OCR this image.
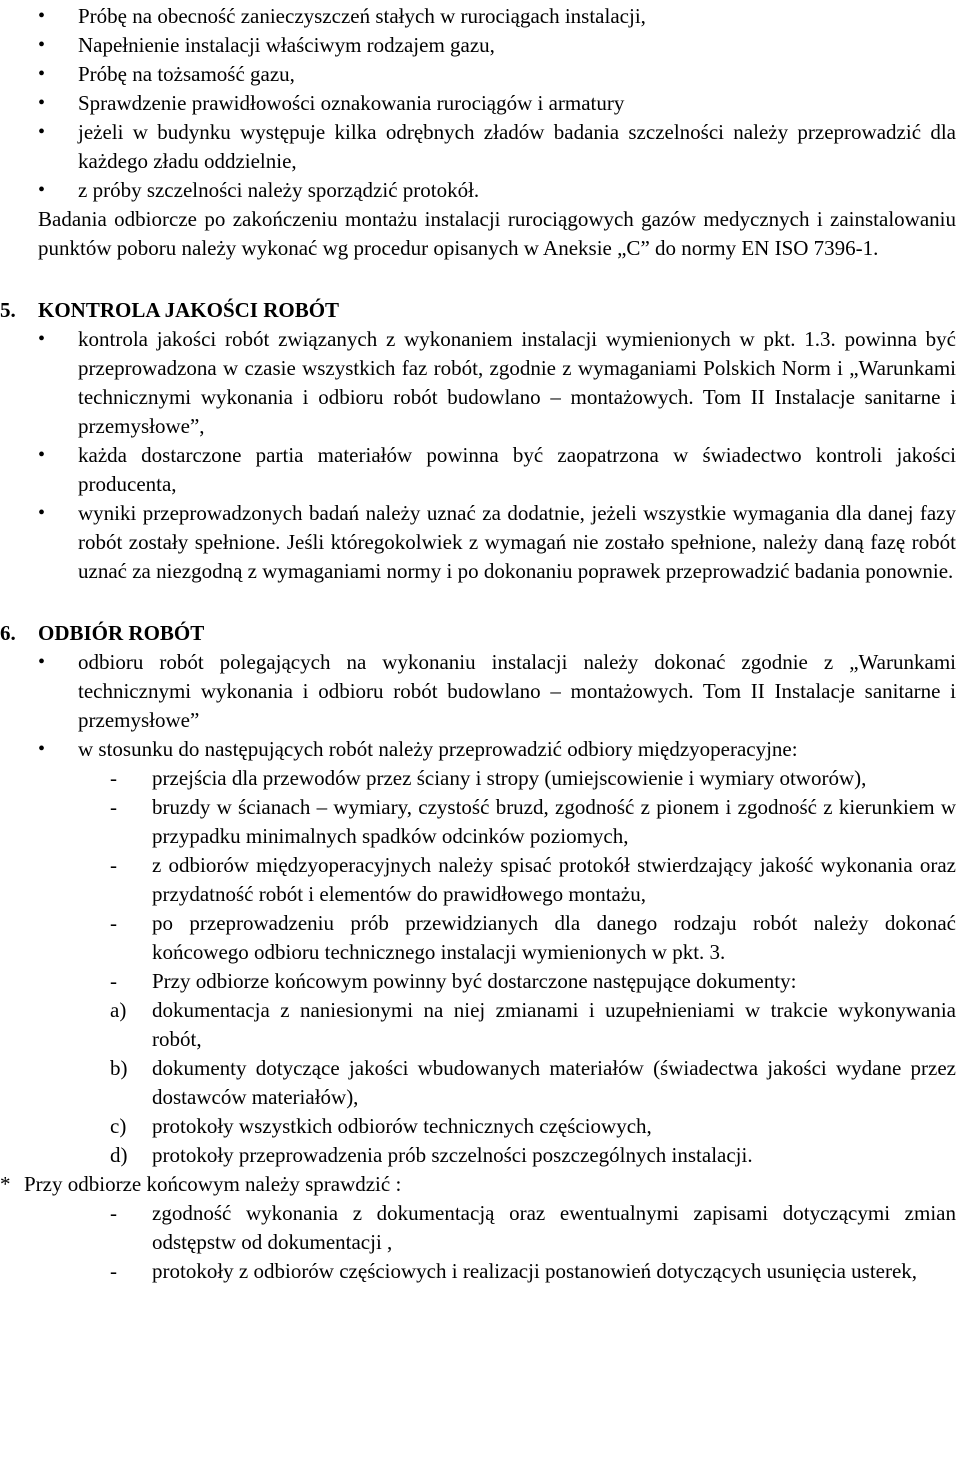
• Próbę na obecność zanieczyszczeń stałych w rurociągach instalacji,
• Napełnienie instalacji właściwym rodzajem gazu,
• Próbę na tożsamość gazu,
• Sprawdzenie prawidłowości oznakowania rurociągów i armatury
• jeżeli w budynku występuje kilka odrębnych zładów badania szczelności należy przeprowadzić dla każdego zładu oddzielnie,
• z próby szczelności należy sporządzić protokół.
Badania odbiorcze po zakończeniu montażu instalacji rurociągowych gazów medycznych i zainstalowaniu punktów poboru należy wykonać wg procedur opisanych w Aneksie „C” do normy EN ISO 7396-1.
5. KONTROLA JAKOŚCI ROBÓT
• kontrola jakości robót związanych z wykonaniem instalacji wymienionych w pkt. 1.3. powinna być przeprowadzona w czasie wszystkich faz robót, zgodnie z wymaganiami Polskich Norm i „Warunkami technicznymi wykonania i odbioru robót budowlano – montażowych. Tom II Instalacje sanitarne i przemysłowe”,
• każda dostarczone partia materiałów powinna być zaopatrzona w świadectwo kontroli jakości producenta,
• wyniki przeprowadzonych badań należy uznać za dodatnie, jeżeli wszystkie wymagania dla danej fazy robót zostały spełnione. Jeśli któregokolwiek z wymagań nie zostało spełnione, należy daną fazę robót uznać za niezgodną z wymaganiami normy i po dokonaniu poprawek przeprowadzić badania ponownie.
6. ODBIÓR ROBÓT
• odbioru robót polegających na wykonaniu instalacji należy dokonać zgodnie z „Warunkami technicznymi wykonania i odbioru robót budowlano – montażowych. Tom II Instalacje sanitarne i przemysłowe”
• w stosunku do następujących robót należy przeprowadzić odbiory międzyoperacyjne:
- przejścia dla przewodów przez ściany i stropy (umiejscowienie i wymiary otworów),
- bruzdy w ścianach – wymiary, czystość bruzd, zgodność z pionem i zgodność z kierunkiem w przypadku minimalnych spadków odcinków poziomych,
- z odbiorów międzyoperacyjnych należy spisać protokół stwierdzający jakość wykonania oraz przydatność robót i elementów do prawidłowego montażu,
- po przeprowadzeniu prób przewidzianych dla danego rodzaju robót należy dokonać końcowego odbioru technicznego instalacji wymienionych w pkt. 3.
- Przy odbiorze końcowym powinny być dostarczone następujące dokumenty:
a) dokumentacja z naniesionymi na niej zmianami i uzupełnieniami w trakcie wykonywania robót,
b) dokumenty dotyczące jakości wbudowanych materiałów (świadectwa jakości wydane przez dostawców materiałów),
c) protokoły wszystkich odbiorów technicznych częściowych,
d) protokoły przeprowadzenia prób szczelności poszczególnych instalacji.
* Przy odbiorze końcowym należy sprawdzić :
- zgodność wykonania z dokumentacją oraz ewentualnymi zapisami dotyczącymi zmian odstępstw od dokumentacji ,
- protokoły z odbiorów częściowych i realizacji postanowień dotyczących usunięcia usterek,
